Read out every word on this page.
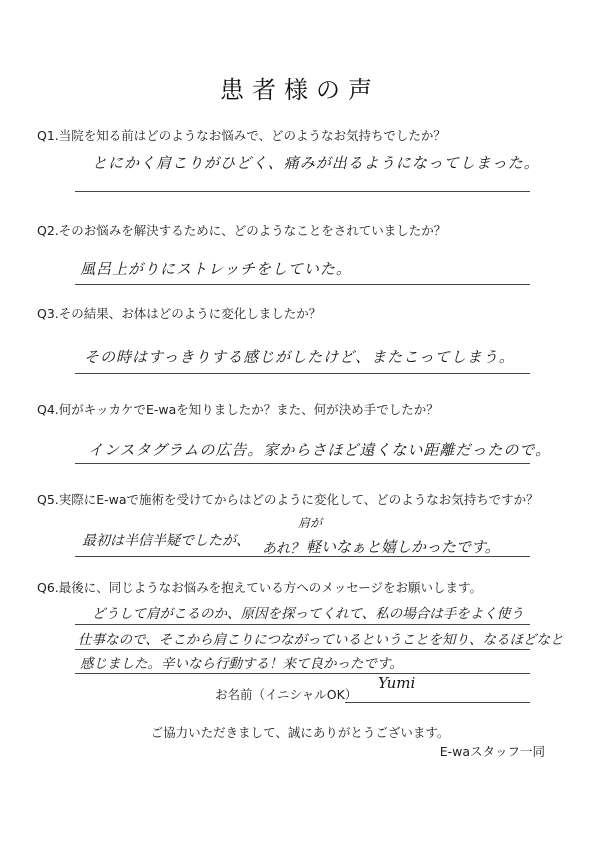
患者様の声
Q1.当院を知る前はどのようなお悩みで、どのようなお気持ちでしたか？
とにかく肩こりがひどく、痛みが出るようになってしまった。
Q2.そのお悩みを解決するために、どのようなことをされていましたか？
風呂上がりにストレッチをしていた。
Q3.その結果、お体はどのように変化しましたか？
その時はすっきりする感じがしたけど、またこってしまう。
Q4.何がキッカケでE-waを知りましたか？また、何が決め手でしたか？
インスタグラムの広告。家からさほど遠くない距離だったので。
Q5.実際にE-waで施術を受けてからはどのように変化して、どのようなお気持ちですか？
最初は半信半疑でしたが、 あれ？
肩が
軽いなぁと嬉しかったです。
Q6.最後に、同じようなお悩みを抱えている方へのメッセージをお願いします。
どうして肩がこるのか、原因を探ってくれて、私の場合は手をよく使う
仕事なので、そこから肩こりにつながっているということを知り、なるほどなと
感じました。辛いなら行動する！来て良かったです。
お名前（イニシャルOK）
Yumi
ご協力いただきまして、誠にありがとうございます。
E-waスタッフ一同
